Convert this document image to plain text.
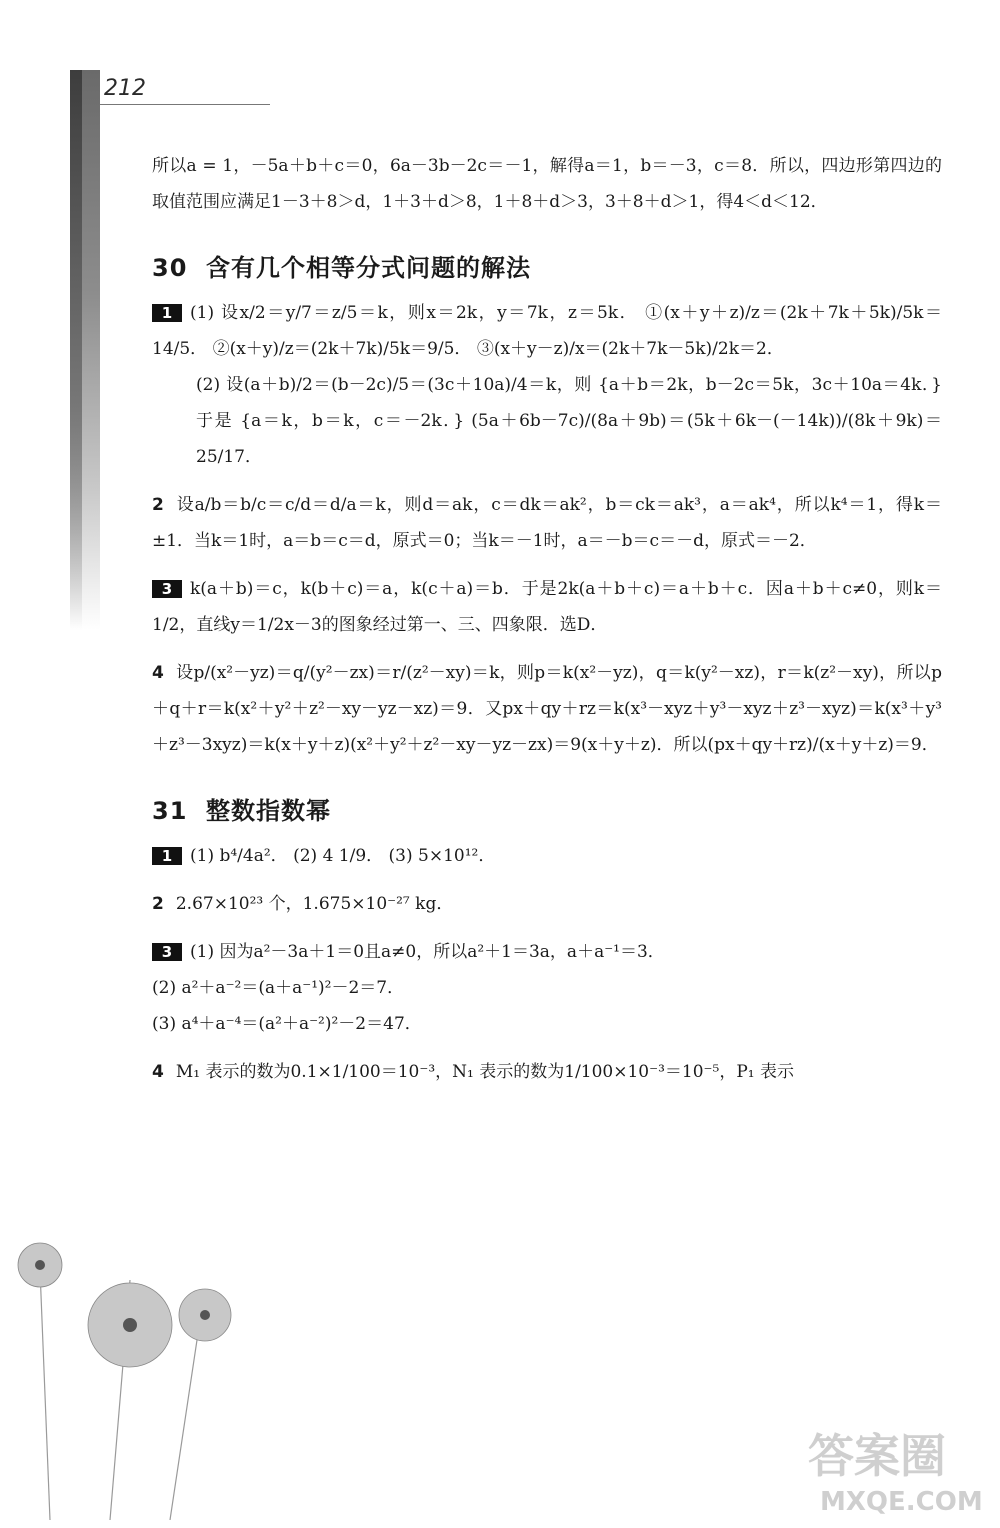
212

所以a = 1，－5a＋b＋c＝0，6a－3b－2c＝－1，解得a＝1，b＝－3，c＝8．所以，四边形第四边的取值范围应满足1－3＋8＞d，1＋3＋d＞8，1＋8＋d＞3，3＋8＋d＞1，得4＜d＜12．

30 含有几个相等分式问题的解法

1 (1) 设x/2＝y/7＝z/5＝k，则x＝2k，y＝7k，z＝5k． ①(x＋y＋z)/z＝(2k＋7k＋5k)/5k＝14/5． ②(x＋y)/z＝(2k＋7k)/5k＝9/5． ③(x＋y－z)/x＝(2k＋7k－5k)/2k＝2．

(2) 设(a＋b)/2＝(b－2c)/5＝(3c＋10a)/4＝k，则 {a＋b＝2k，b－2c＝5k，3c＋10a＝4k．} 于是 {a＝k，b＝k，c＝－2k．} (5a＋6b－7c)/(8a＋9b)＝(5k＋6k－(－14k))/(8k＋9k)＝25/17．

2 设a/b＝b/c＝c/d＝d/a＝k，则d＝ak，c＝dk＝ak²，b＝ck＝ak³，a＝ak⁴，所以k⁴＝1，得k＝±1．当k＝1时，a＝b＝c＝d，原式＝0；当k＝－1时，a＝－b＝c＝－d，原式＝－2．

3 k(a＋b)＝c，k(b＋c)＝a，k(c＋a)＝b．于是2k(a＋b＋c)＝a＋b＋c．因a＋b＋c≠0，则k＝1/2，直线y＝1/2x－3的图象经过第一、三、四象限．选D．

4 设p/(x²－yz)＝q/(y²－zx)＝r/(z²－xy)＝k，则p＝k(x²－yz)，q＝k(y²－xz)，r＝k(z²－xy)，所以p＋q＋r＝k(x²＋y²＋z²－xy－yz－xz)＝9．又px＋qy＋rz＝k(x³－xyz＋y³－xyz＋z³－xyz)＝k(x³＋y³＋z³－3xyz)＝k(x＋y＋z)(x²＋y²＋z²－xy－yz－zx)＝9(x＋y＋z)．所以(px＋qy＋rz)/(x＋y＋z)＝9．

31 整数指数幂

1 (1) b⁴/4a²． (2) 4 1/9． (3) 5×10¹²．

2 2.67×10²³ 个，1.675×10⁻²⁷ kg．

3 (1) 因为a²－3a＋1＝0且a≠0，所以a²＋1＝3a，a＋a⁻¹＝3．

(2) a²＋a⁻²＝(a＋a⁻¹)²－2＝7．

(3) a⁴＋a⁻⁴＝(a²＋a⁻²)²－2＝47．

4 M₁ 表示的数为0.1×1/100＝10⁻³，N₁ 表示的数为1/100×10⁻³＝10⁻⁵，P₁ 表示

答案圈
MXQE.COM
